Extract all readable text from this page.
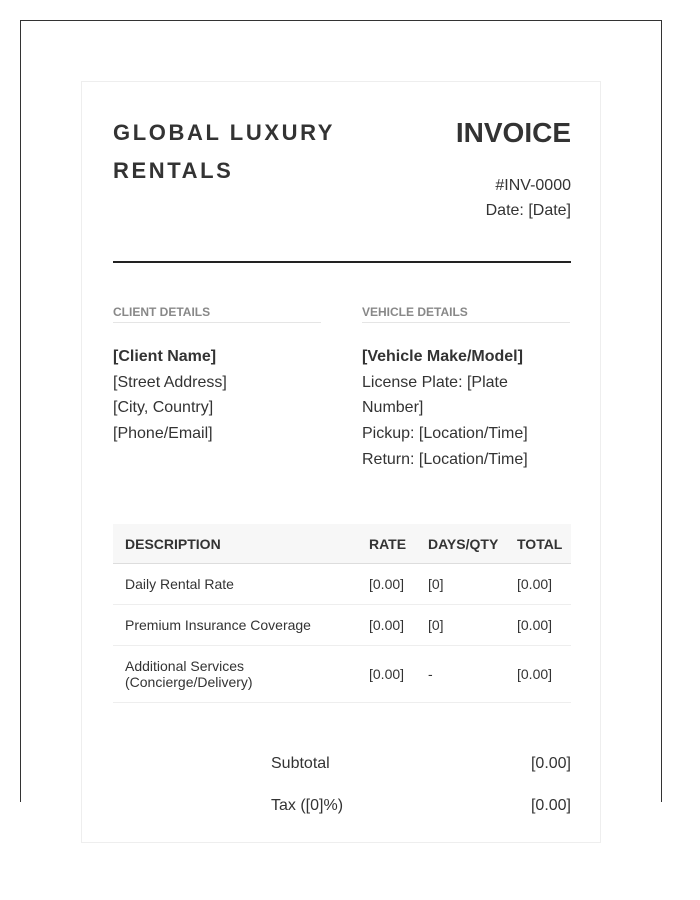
GLOBAL LUXURY RENTALS
INVOICE
#INV-0000
Date: [Date]
CLIENT DETAILS
[Client Name]
[Street Address]
[City, Country]
[Phone/Email]
VEHICLE DETAILS
[Vehicle Make/Model]
License Plate: [Plate Number]
Pickup: [Location/Time]
Return: [Location/Time]
DESCRIPTION	RATE	DAYS/QTY	TOTAL
Daily Rental Rate	[0.00]	[0]	[0.00]
Premium Insurance Coverage	[0.00]	[0]	[0.00]
Additional Services (Concierge/Delivery)	[0.00]	-	[0.00]
Subtotal	[0.00]
Tax ([0]%)	[0.00]
